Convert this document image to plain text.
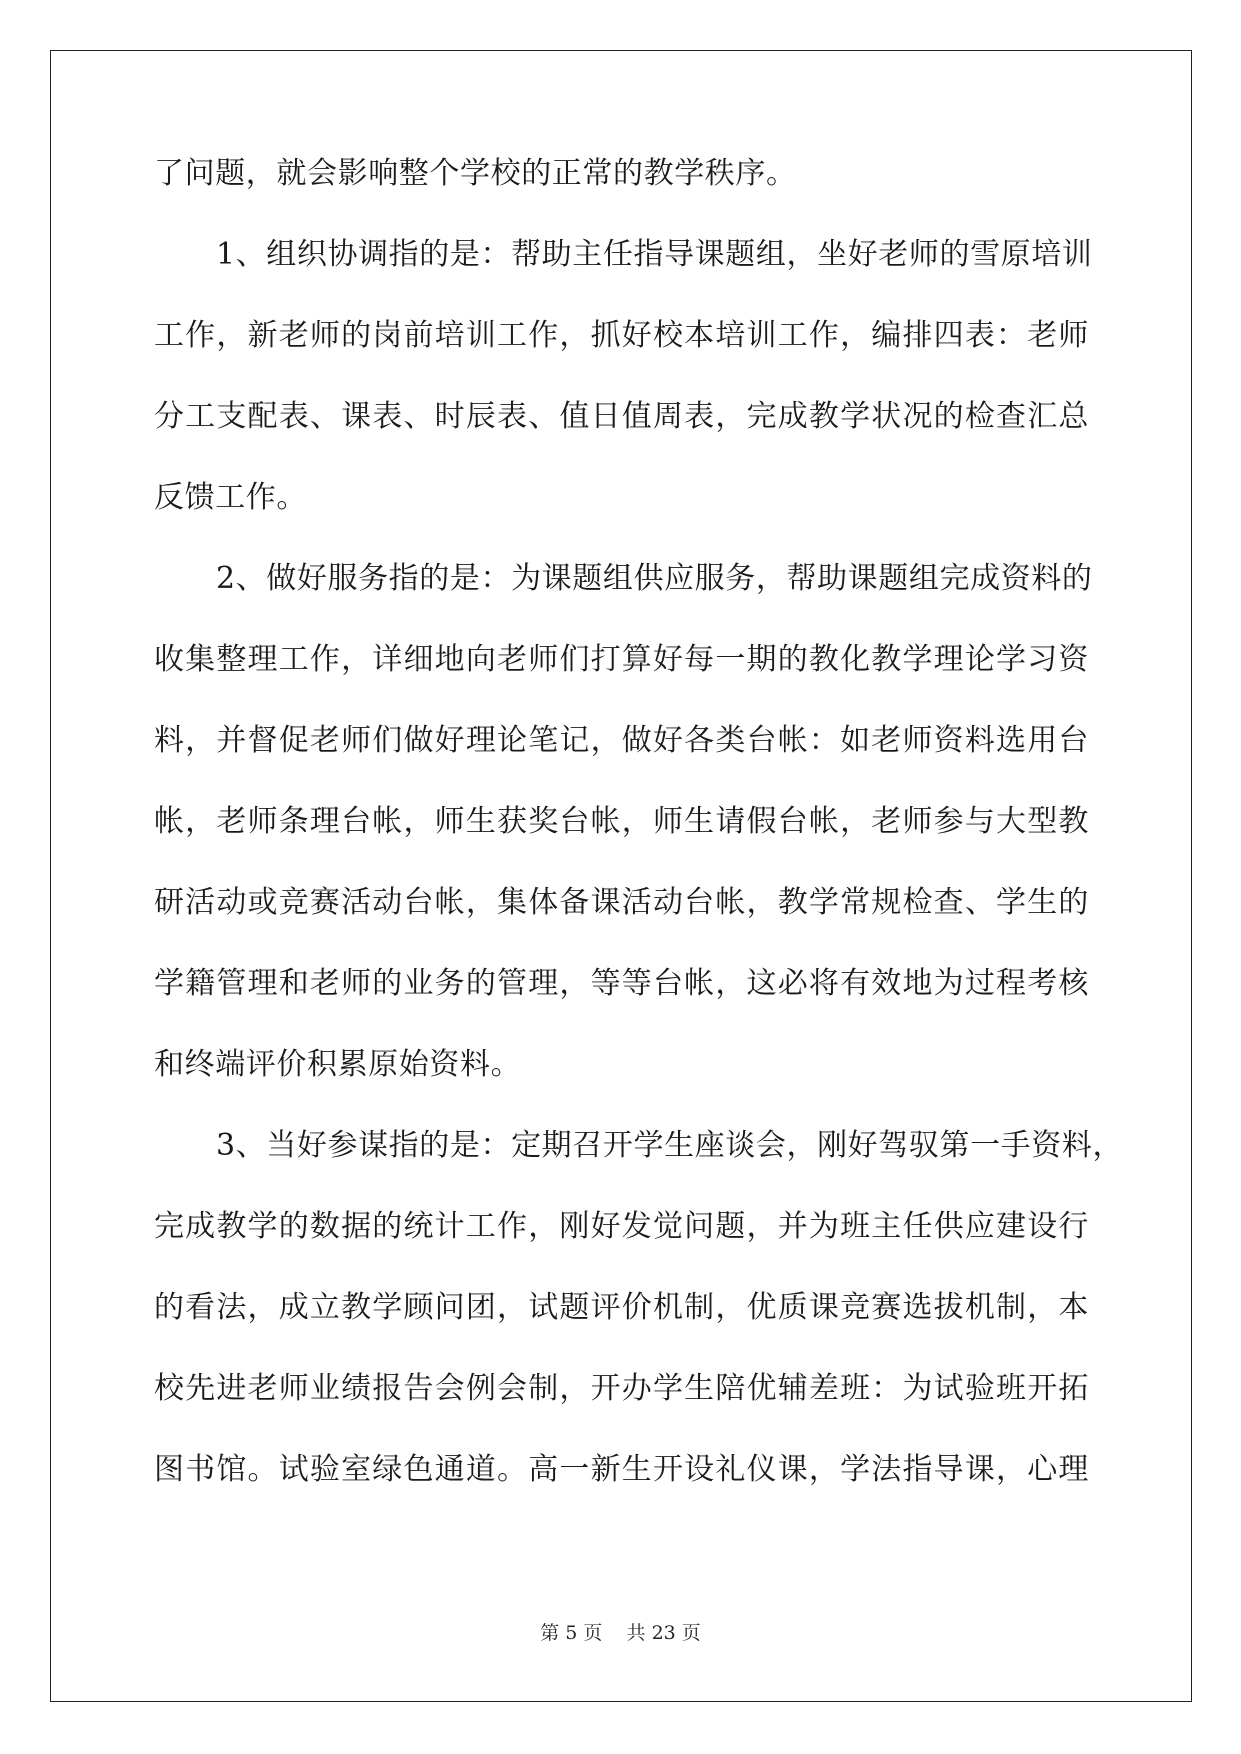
了问题，就会影响整个学校的正常的教学秩序。
1、组织协调指的是：帮助主任指导课题组，坐好老师的雪原培训
工作，新老师的岗前培训工作，抓好校本培训工作，编排四表：老师
分工支配表、课表、时辰表、值日值周表，完成教学状况的检查汇总
反馈工作。
2、做好服务指的是：为课题组供应服务，帮助课题组完成资料的
收集整理工作，详细地向老师们打算好每一期的教化教学理论学习资
料，并督促老师们做好理论笔记，做好各类台帐：如老师资料选用台
帐，老师条理台帐，师生获奖台帐，师生请假台帐，老师参与大型教
研活动或竞赛活动台帐，集体备课活动台帐，教学常规检查、学生的
学籍管理和老师的业务的管理，等等台帐，这必将有效地为过程考核
和终端评价积累原始资料。
3、当好参谋指的是：定期召开学生座谈会，刚好驾驭第一手资料，
完成教学的数据的统计工作，刚好发觉问题，并为班主任供应建设行
的看法，成立教学顾问团，试题评价机制，优质课竞赛选拔机制，本
校先进老师业绩报告会例会制，开办学生陪优辅差班：为试验班开拓
图书馆。试验室绿色通道。高一新生开设礼仪课，学法指导课，心理
第 5 页    共 23 页
